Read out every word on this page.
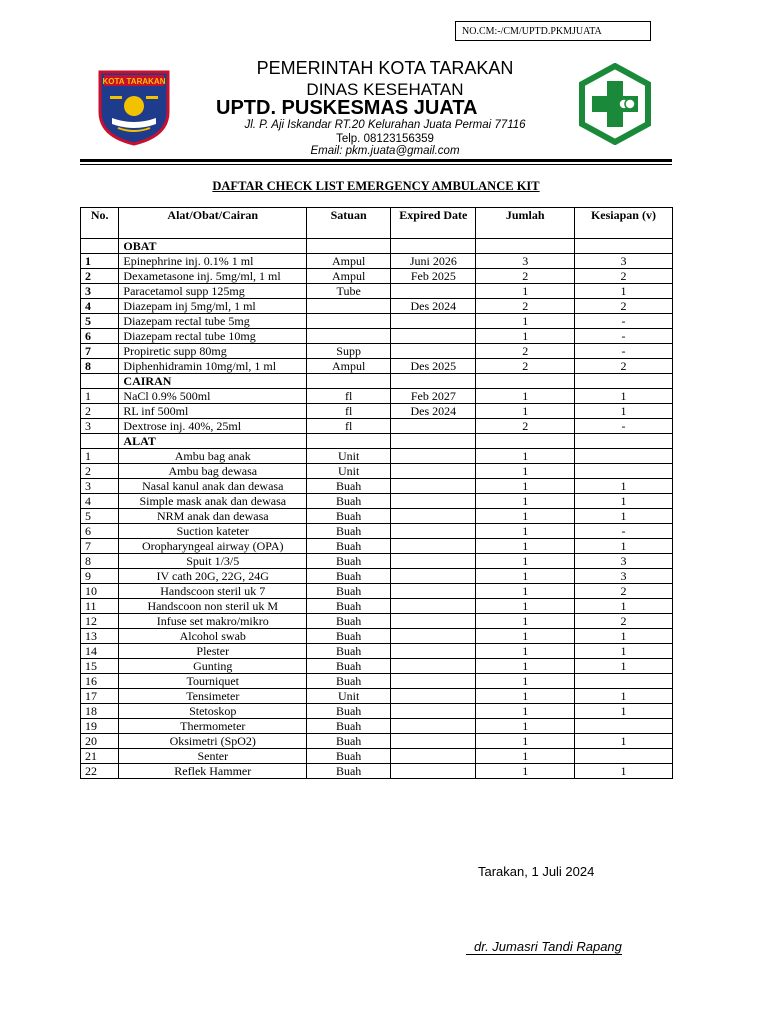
NO.CM:-/CM/UPTD.PKMJUATA
KOTA TARAKAN
PEMERINTAH KOTA TARAKAN
DINAS KESEHATAN
UPTD. PUSKESMAS JUATA
Jl. P. Aji Iskandar RT.20 Kelurahan Juata Permai 77116
Telp. 0812315635​9
Email: pkm.juata@gmail.com
DAFTAR CHECK LIST EMERGENCY AMBULANCE KIT
No.	Alat/Obat/Cairan	Satuan	Expired Date	Jumlah	Kesiapan (v)
	OBAT				
1	Epinephrine inj. 0.1% 1 ml	Ampul	Juni 2026	3	3
2	Dexametasone inj. 5mg/ml, 1 ml	Ampul	Feb 2025	2	2
3	Paracetamol supp 125mg	Tube		1	1
4	Diazepam inj 5mg/ml, 1 ml		Des 2024	2	2
5	Diazepam rectal tube 5mg			1	-
6	Diazepam rectal tube 10mg			1	-
7	Propiretic supp 80mg	Supp		2	-
8	Diphenhidramin 10mg/ml, 1 ml	Ampul	Des 2025	2	2
	CAIRAN				
1	NaCl 0.9% 500ml	fl	Feb 2027	1	1
2	RL inf 500ml	fl	Des 2024	1	1
3	Dextrose inj. 40%, 25ml	fl		2	-
	ALAT				
1	Ambu bag anak	Unit		1	
2	Ambu bag dewasa	Unit		1	
3	Nasal kanul anak dan dewasa	Buah		1	1
4	Simple mask anak dan dewasa	Buah		1	1
5	NRM anak dan dewasa	Buah		1	1
6	Suction kateter	Buah		1	-
7	Oropharyngeal airway (OPA)	Buah		1	1
8	Spuit 1/3/5	Buah		1	3
9	IV cath 20G, 22G, 24G	Buah		1	3
10	Handscoon steril uk 7	Buah		1	2
11	Handscoon non steril uk M	Buah		1	1
12	Infuse set makro/mikro	Buah		1	2
13	Alcohol swab	Buah		1	1
14	Plester	Buah		1	1
15	Gunting	Buah		1	1
16	Tourniquet	Buah		1	
17	Tensimeter	Unit		1	1
18	Stetoskop	Buah		1	1
19	Thermometer	Buah		1	
20	Oksimetri (SpO2)	Buah		1	1
21	Senter	Buah		1	
22	Reflek Hammer	Buah		1	1
Tarakan, 1 Juli 2024
dr. Jumasri Tandi Rapang
